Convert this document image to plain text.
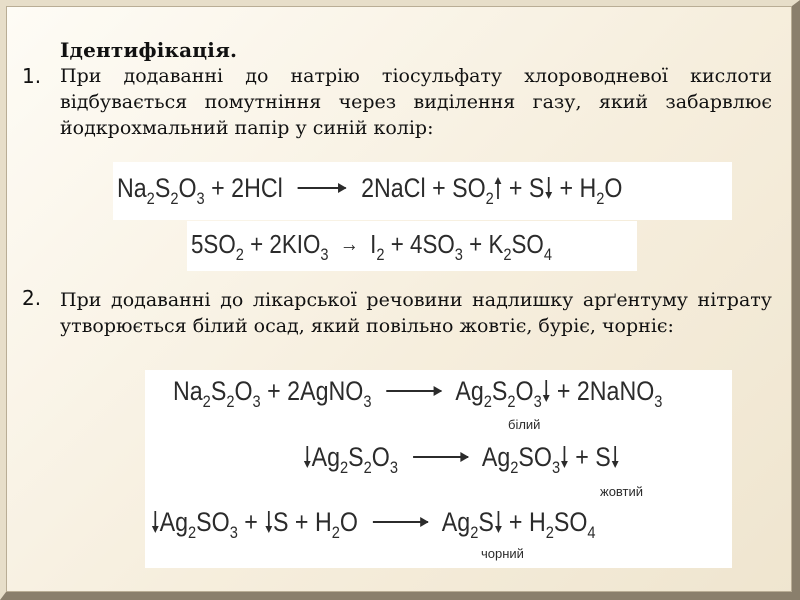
Ідентифікація.
1. При додаванні до натрію тіосульфату хлороводневої кислоти відбувається помутніння через виділення газу, який забарвлює йодкрохмальний папір у синій колір:
$Na_2S_2O_3 + 2HCl$	2NaCl + $SO_2 + S + H_2O$
$5SO_2 + 2KIO_3 \to I_2 + 4SO_3 + K_2SO_4$
2. При додаванні до лікарської речовини надлишку арґентуму нітрату утворюється білий осад, який повільно жовтіє, буріє, чорніє:
$Na_2S_2O_3$ + 2AgNO$_3$	$Ag_2S_2O_3$ + 2NaNO$_3$
білий
$Ag_2S_2O_3$	$Ag_2SO_3 + S$
жовтий
$Ag_2SO_3 + S + H_2O$	$Ag_2S + H_2SO_4$
чорний
